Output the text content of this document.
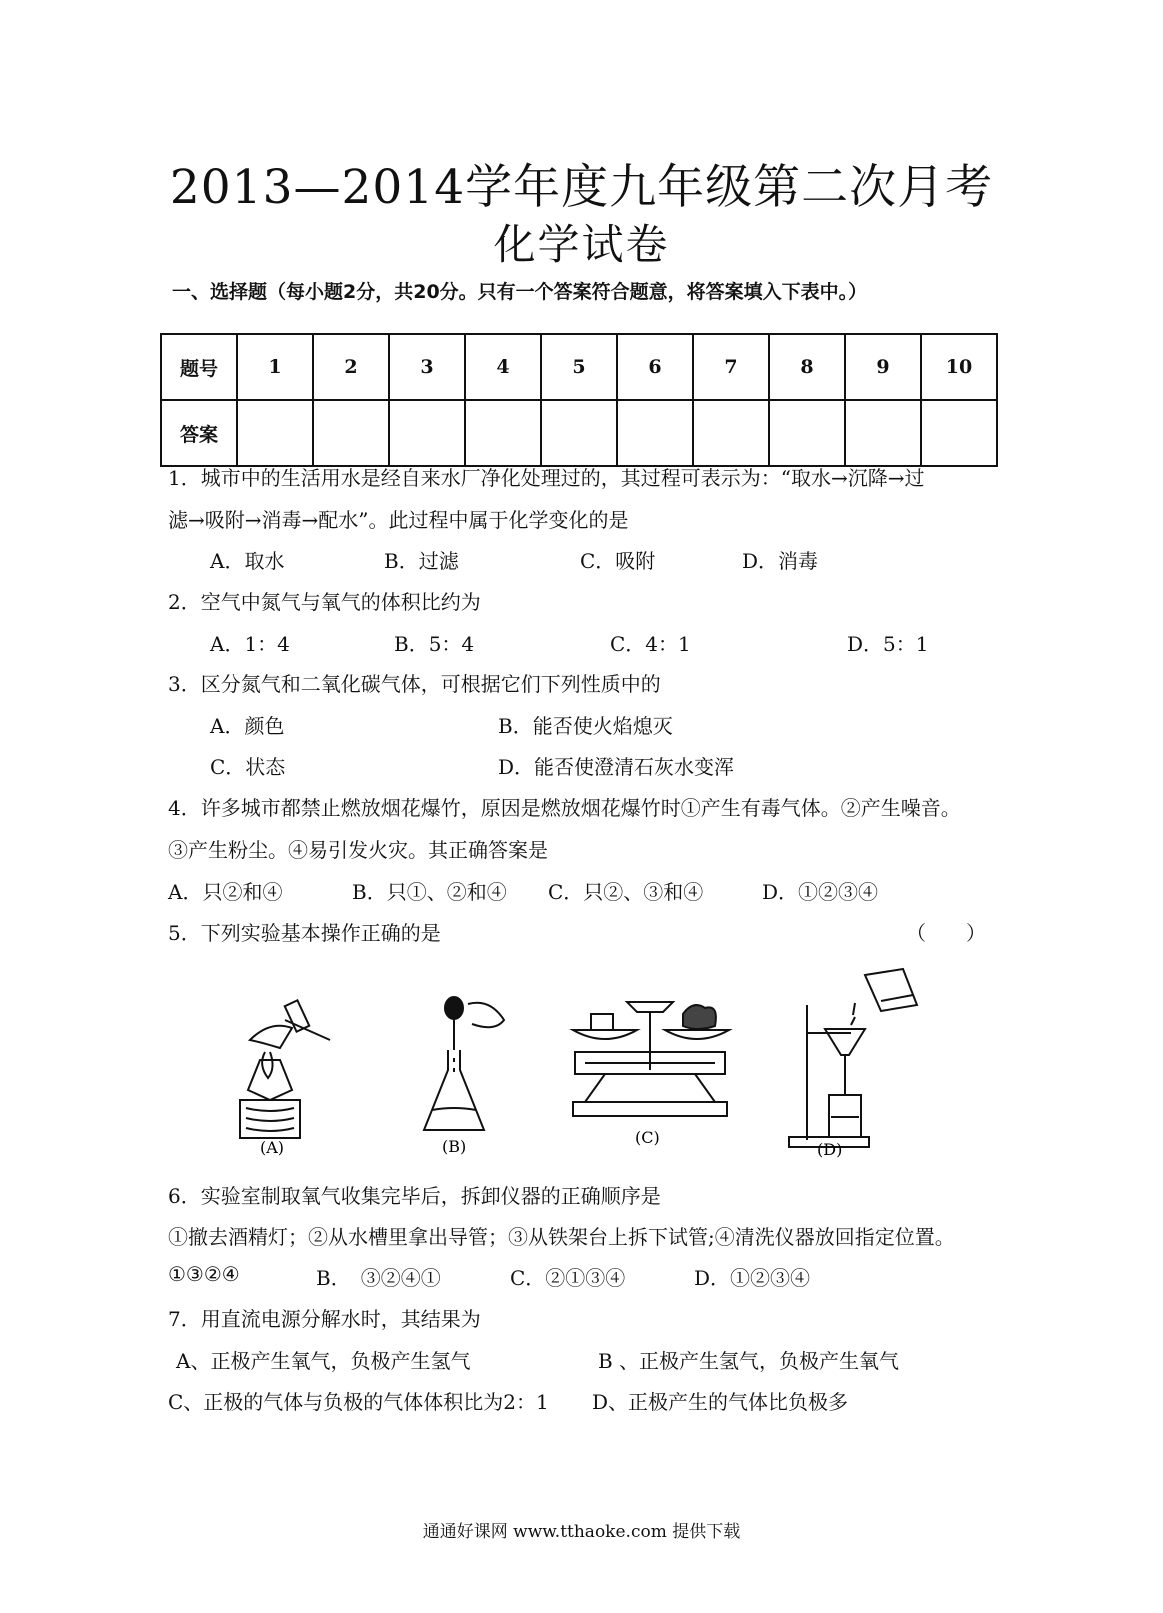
2013—2014学年度九年级第二次月考
化学试卷
一、选择题（每小题2分，共20分。只有一个答案符合题意，将答案填入下表中。）
题号	1	2	3	4	5	6	7	8	9	10
答案										
1．城市中的生活用水是经自来水厂净化处理过的，其过程可表示为：“取水→沉降→过
滤→吸附→消毒→配水”。此过程中属于化学变化的是
A．取水	B．过滤	C．吸附	D．消毒
2．空气中氮气与氧气的体积比约为
A．1：4	B．5：4	C．4：1	D．5：1
3．区分氮气和二氧化碳气体，可根据它们下列性质中的
A．颜色	B．能否使火焰熄灭
C．状态	D．能否使澄清石灰水变浑
4．许多城市都禁止燃放烟花爆竹，原因是燃放烟花爆竹时①产生有毒气体。②产生噪音。
③产生粉尘。④易引发火灾。其正确答案是
A．只②和④	B．只①、②和④ C．只②、③和④	D．①②③④
5．下列实验基本操作正确的是	（　　）
(A)	(B)	(C)
(D)
6．实验室制取氧气收集完毕后，拆卸仪器的正确顺序是
①撤去酒精灯；②从水槽里拿出导管；③从铁架台上拆下试管;④清洗仪器放回指定位置。
①③②④	B．　③②④①	C．②①③④	D．①②③④
7．用直流电源分解水时，其结果为
A、正极产生氧气，负极产生氢气	B 、正极产生氢气，负极产生氧气
C、正极的气体与负极的气体体积比为2：1 D、正极产生的气体比负极多
通通好课网 www.tthaoke.com 提供下载
